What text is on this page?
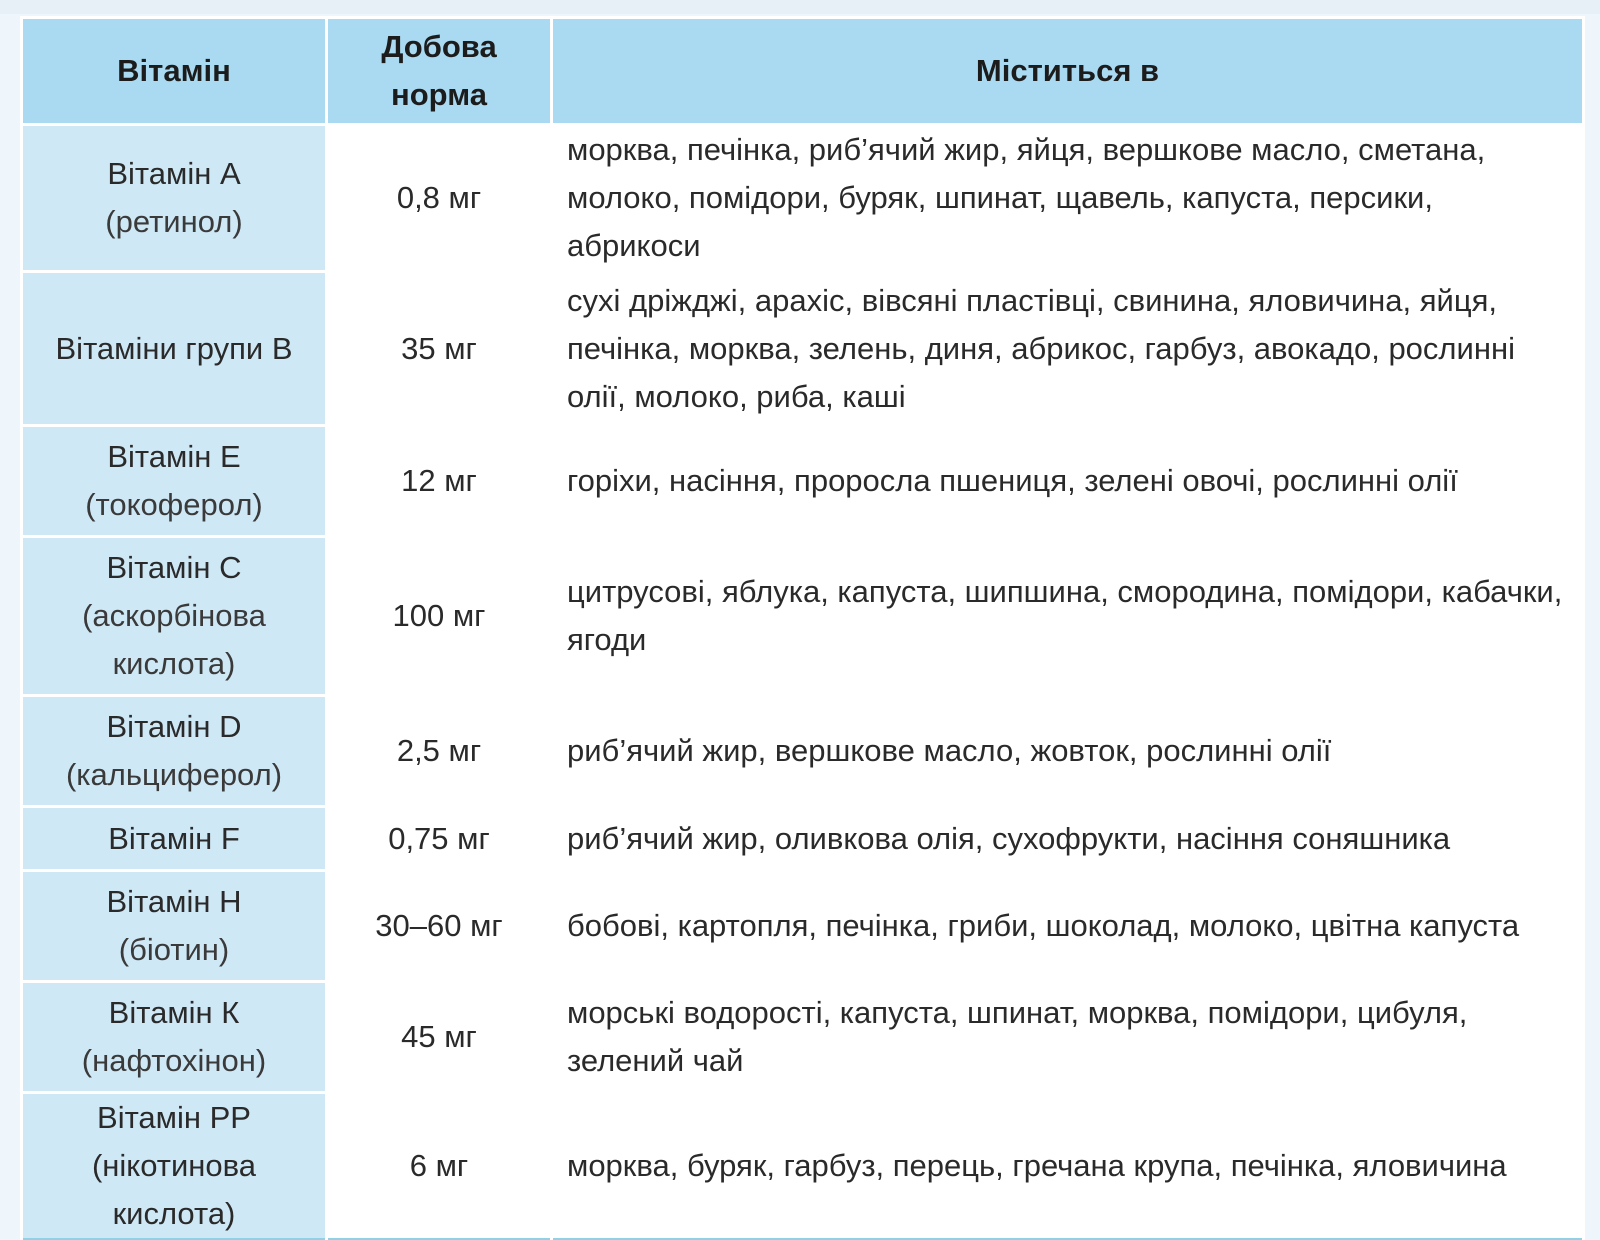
Вітамін	Добова норма	Міститься в
Вітамін А
(ретинол)	0,8 мг	морква, печінка, риб’ячий жир, яйця, вершкове масло, сметана, молоко, помідори, буряк, шпинат, щавель, капуста, персики, абрикоси
Вітаміни групи В	35 мг	сухі дріжджі, арахіс, вівсяні пластівці, свинина, яловичина, яйця, печінка, морква, зелень, диня, абрикос, гарбуз, авокадо, рослинні олії, молоко, риба, каші
Вітамін Е
(токоферол)	12 мг	горіхи, насіння, проросла пшениця, зелені овочі, рослинні олії
Вітамін С
(аскорбінова кислота)	100 мг	цитрусові, яблука, капуста, шипшина, смородина, помідори, кабачки, ягоди
Вітамін D
(кальциферол)	2,5 мг	риб’ячий жир, вершкове масло, жовток, рослинні олії
Вітамін F	0,75 мг	риб’ячий жир, оливкова олія, сухофрукти, насіння соняшника
Вітамін Н
(біотин)	30–60 мг	бобові, картопля, печінка, гриби, шоколад, молоко, цвітна капуста
Вітамін К
(нафтохінон)	45 мг	морські водорості, капуста, шпинат, морква, помідори, цибуля, зелений чай
Вітамін РР (нікотинова кислота)	6 мг	морква, буряк, гарбуз, перець, гречана крупа, печінка, яловичина
